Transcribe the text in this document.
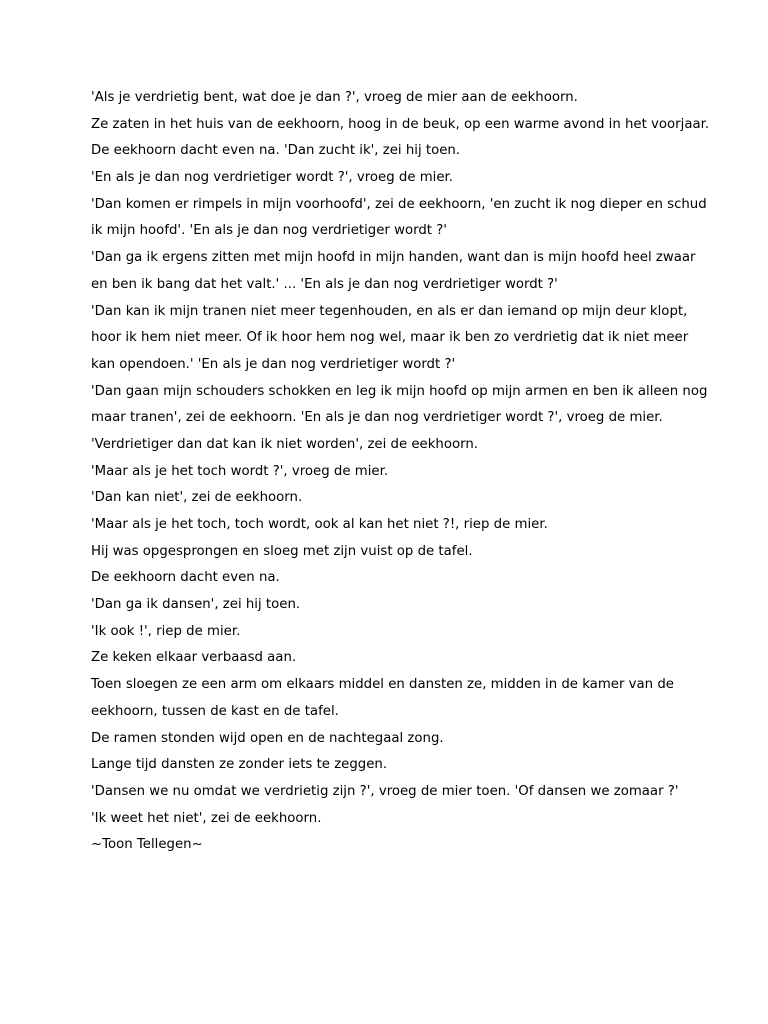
'Als je verdrietig bent, wat doe je dan ?', vroeg de mier aan de eekhoorn.
Ze zaten in het huis van de eekhoorn, hoog in de beuk, op een warme avond in het voorjaar.
De eekhoorn dacht even na. 'Dan zucht ik', zei hij toen.
'En als je dan nog verdrietiger wordt ?', vroeg de mier.
'Dan komen er rimpels in mijn voorhoofd', zei de eekhoorn, 'en zucht ik nog dieper en schud
ik mijn hoofd'. 'En als je dan nog verdrietiger wordt ?'
'Dan ga ik ergens zitten met mijn hoofd in mijn handen, want dan is mijn hoofd heel zwaar
en ben ik bang dat het valt.' ... 'En als je dan nog verdrietiger wordt ?'
'Dan kan ik mijn tranen niet meer tegenhouden, en als er dan iemand op mijn deur klopt,
hoor ik hem niet meer. Of ik hoor hem nog wel, maar ik ben zo verdrietig dat ik niet meer
kan opendoen.' 'En als je dan nog verdrietiger wordt ?'
'Dan gaan mijn schouders schokken en leg ik mijn hoofd op mijn armen en ben ik alleen nog
maar tranen', zei de eekhoorn. 'En als je dan nog verdrietiger wordt ?', vroeg de mier.
'Verdrietiger dan dat kan ik niet worden', zei de eekhoorn.
'Maar als je het toch wordt ?', vroeg de mier.
'Dan kan niet', zei de eekhoorn.
'Maar als je het toch, toch wordt, ook al kan het niet ?!, riep de mier.
Hij was opgesprongen en sloeg met zijn vuist op de tafel.
De eekhoorn dacht even na.
'Dan ga ik dansen', zei hij toen.
'Ik ook !', riep de mier.
Ze keken elkaar verbaasd aan.
Toen sloegen ze een arm om elkaars middel en dansten ze, midden in de kamer van de
eekhoorn, tussen de kast en de tafel.
De ramen stonden wijd open en de nachtegaal zong.
Lange tijd dansten ze zonder iets te zeggen.
'Dansen we nu omdat we verdrietig zijn ?', vroeg de mier toen. 'Of dansen we zomaar ?'
'Ik weet het niet', zei de eekhoorn.
~Toon Tellegen~
